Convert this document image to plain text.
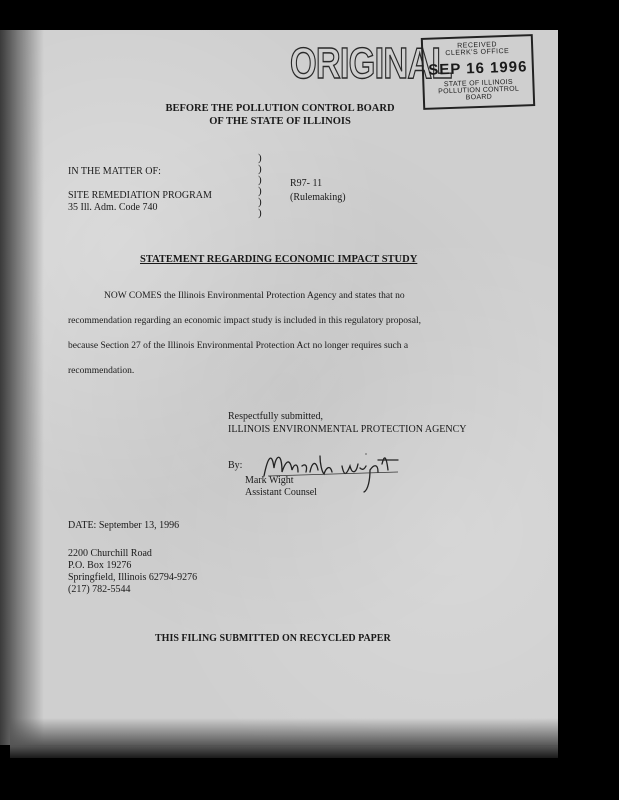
ORIGINAL RECEIVED
CLERK'S OFFICE
SEP 16 1996
STATE OF ILLINOIS
POLLUTION CONTROL BOARD
BEFORE THE POLLUTION CONTROL BOARD
OF THE STATE OF ILLINOIS
IN THE MATTER OF:
SITE REMEDIATION PROGRAM
35 Ill. Adm. Code 740
)
)
)
)
)
)
R97- 11
(Rulemaking)
STATEMENT REGARDING ECONOMIC IMPACT STUDY
NOW COMES the Illinois Environmental Protection Agency and states that no
recommendation regarding an economic impact study is included in this regulatory proposal,
because Section 27 of the Illinois Environmental Protection Act no longer requires such a
recommendation.
Respectfully submitted,
ILLINOIS ENVIRONMENTAL PROTECTION AGENCY
By:
Mark Wight
Assistant Counsel
DATE: September 13, 1996
2200 Churchill Road
P.O. Box 19276
Springfield, Illinois 62794-9276
(217) 782-5544
THIS FILING SUBMITTED ON RECYCLED PAPER
